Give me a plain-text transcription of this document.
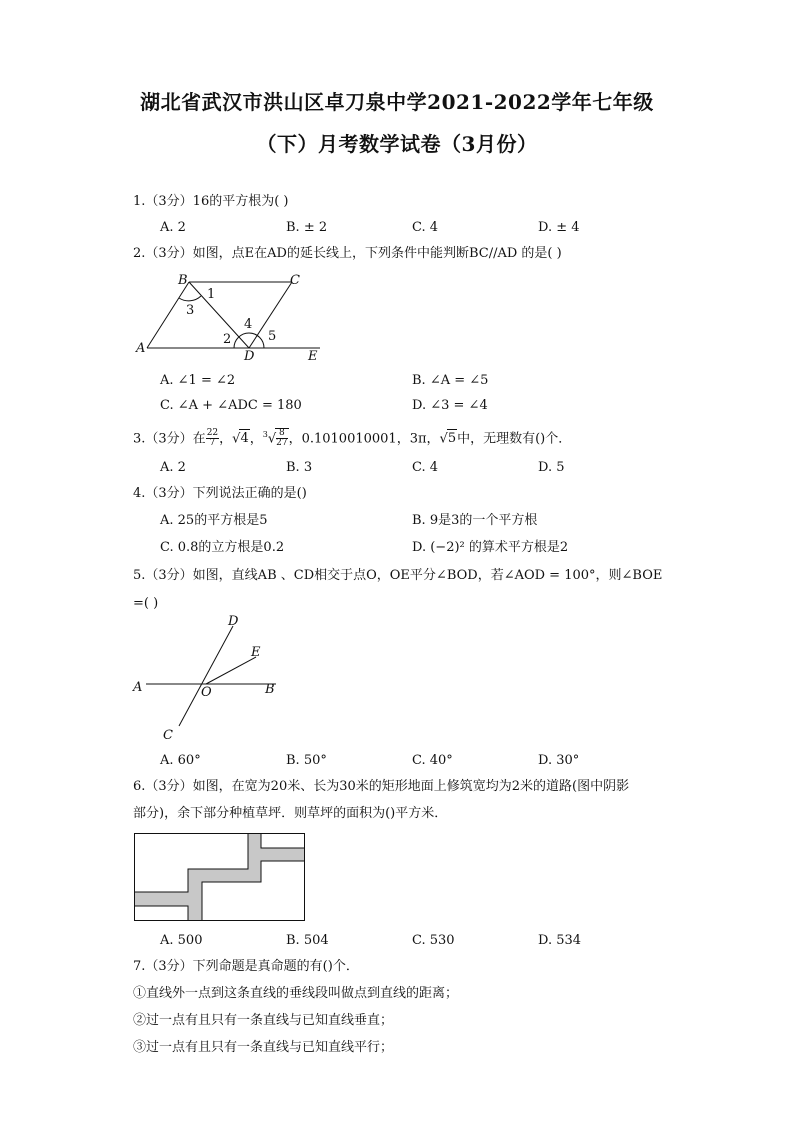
湖北省武汉市洪山区卓刀泉中学2021-2022学年七年级
（下）月考数学试卷（3月份）
1.（3分）16的平方根为( )
A. 2	B. ± 2	C. 4	D. ± 4
2.（3分）如图，点E在AD的延长线上，下列条件中能判断BC//AD 的是( )
B	C
A
D	E
1
2
3
4
5
A. ∠1 = ∠2	B. ∠A = ∠5
C. ∠A + ∠ADC = 180	D. ∠3 = ∠4
3.（3分）在 $\frac{22}{7}$ ，√4，$^3√ \frac{8}{27}$ ，0.1010010001，3π，√5中，无理数有()个．
A. 2	B. 3	C. 4	D. 5
4.（3分）下列说法正确的是()
A. 25的平方根是5	B. 9是3的一个平方根
C. 0.8的立方根是0.2	D. (−2)² 的算术平方根是2
5.（3分）如图，直线AB 、CD相交于点O，OE平分∠BOD，若∠AOD = 100°，则∠BOE
=( )
D
E
A	O	B
C
A. 60°	B. 50°	C. 40°	D. 30°
6.（3分）如图，在宽为20米、长为30米的矩形地面上修筑宽均为2米的道路(图中阴影
部分)，余下部分种植草坪．则草坪的面积为()平方米．
A. 500	B. 504	C. 530	D. 534
7.（3分）下列命题是真命题的有()个．
①直线外一点到这条直线的垂线段叫做点到直线的距离；
②过一点有且只有一条直线与已知直线垂直；
③过一点有且只有一条直线与已知直线平行；
